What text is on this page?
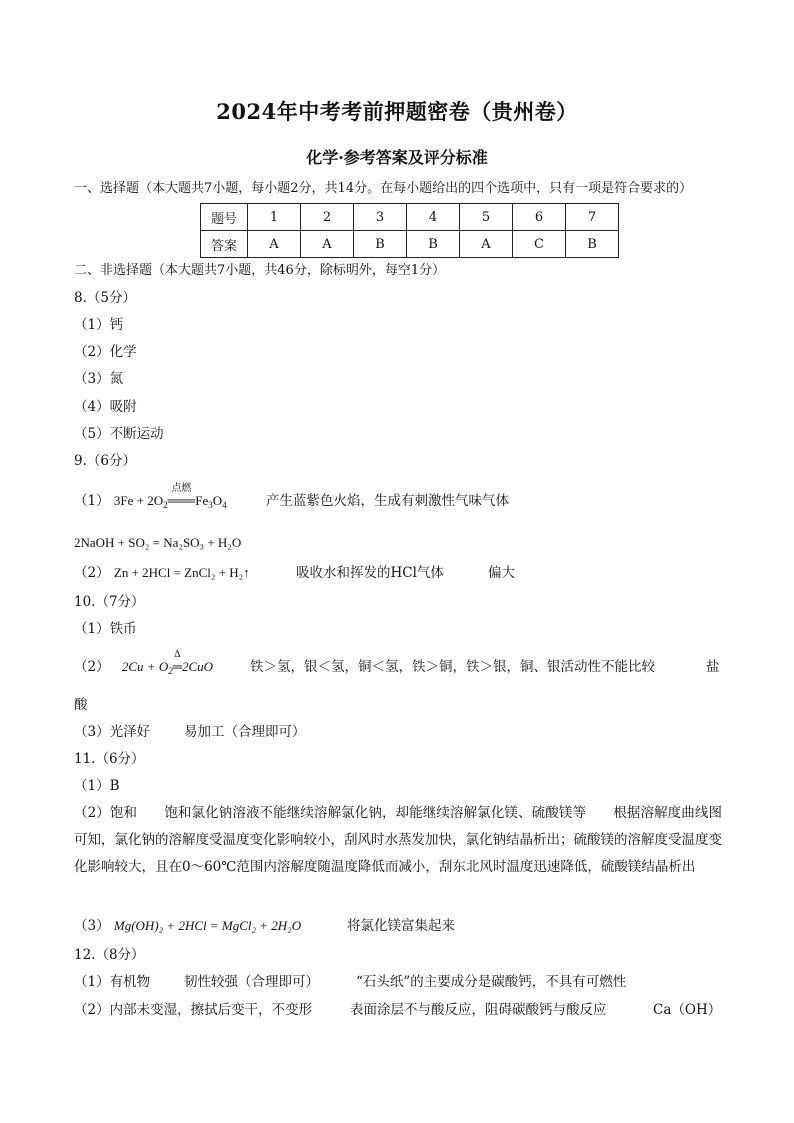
2024年中考考前押题密卷（贵州卷）
化学·参考答案及评分标准
一、选择题（本大题共7小题，每小题2分，共14分。在每小题给出的四个选项中，只有一项是符合要求的）
题号	1	2	3	4	5	6	7
答案	A	A	B	B	A	C	B
二、非选择题（本大题共7小题，共46分，除标明外，每空1分）
8.（5分）
（1）钙
（2）化学
（3）氮
（4）吸附
（5）不断运动
9.（6分）
（1） $3Fe + 2O_2$
点燃
$═══Fe_3O_4$	产生蓝紫色火焰，生成有刺激性气味气体
2NaOH + SO₂ = Na₂SO₃ + H₂O
（2） Zn + 2HCl = ZnCl₂ + H₂↑	吸收水和挥发的HCl气体	偏大
10.（7分）
（1）铁币
（2） $2Cu + O_2$
Δ
═2CuO	铁＞氢，银＜氢，铜＜氢，铁＞铜，铁＞银，铜、银活动性不能比较	盐
酸
（3）光泽好	易加工（合理即可）
11.（6分）
（1）B
（2）饱和　　饱和氯化钠溶液不能继续溶解氯化钠，却能继续溶解氯化镁、硫酸镁等　　根据溶解度曲线图可知，氯化钠的溶解度受温度变化影响较小，刮风时水蒸发加快，氯化钠结晶析出；硫酸镁的溶解度受温度变化影响较大，且在0～60℃范围内溶解度随温度降低而减小，刮东北风时温度迅速降低，硫酸镁结晶析出
（3） Mg(OH)₂ + 2HCl = MgCl₂ + 2H₂O	将氯化镁富集起来
12.（8分）
（1）有机物	韧性较强（合理即可）	“石头纸”的主要成分是碳酸钙，不具有可燃性
（2）内部未变湿，擦拭后变干，不变形	表面涂层不与酸反应，阻碍碳酸钙与酸反应	Ca（OH）
